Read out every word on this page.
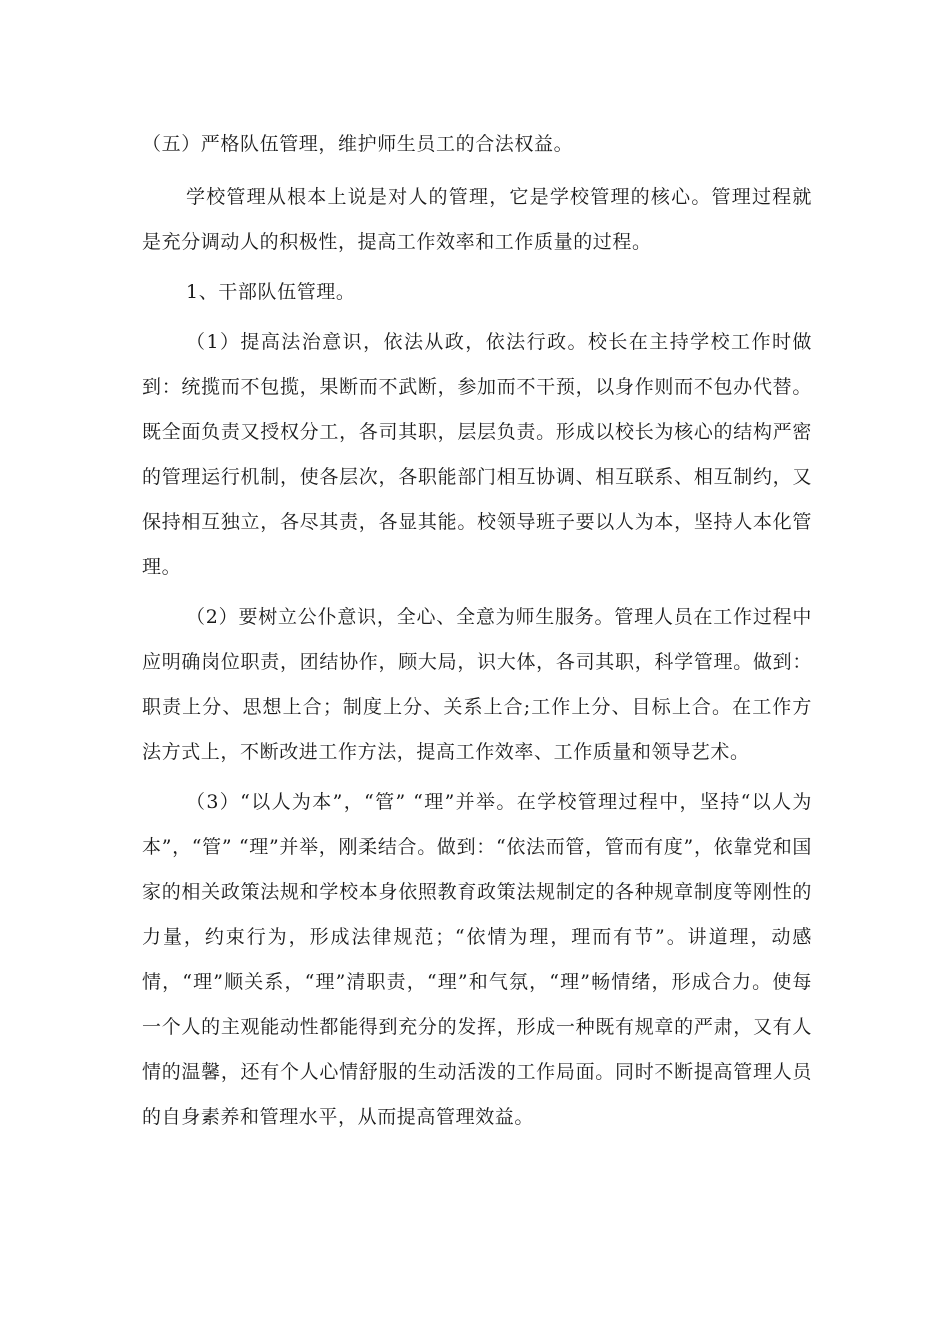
（五）严格队伍管理，维护师生员工的合法权益。

学校管理从根本上说是对人的管理，它是学校管理的核心。管理过程就是充分调动人的积极性，提高工作效率和工作质量的过程。

1、干部队伍管理。

（1）提高法治意识，依法从政，依法行政。校长在主持学校工作时做到：统揽而不包揽，果断而不武断，参加而不干预，以身作则而不包办代替。既全面负责又授权分工，各司其职，层层负责。形成以校长为核心的结构严密的管理运行机制，使各层次，各职能部门相互协调、相互联系、相互制约，又保持相互独立，各尽其责，各显其能。校领导班子要以人为本，坚持人本化管理。

（2）要树立公仆意识，全心、全意为师生服务。管理人员在工作过程中应明确岗位职责，团结协作，顾大局，识大体，各司其职，科学管理。做到：职责上分、思想上合；制度上分、关系上合;工作上分、目标上合。在工作方法方式上，不断改进工作方法，提高工作效率、工作质量和领导艺术。

（3）“以人为本”，“管” “理”并举。在学校管理过程中，坚持“以人为本”，“管” “理”并举，刚柔结合。做到：“依法而管，管而有度”，依靠党和国家的相关政策法规和学校本身依照教育政策法规制定的各种规章制度等刚性的力量，约束行为，形成法律规范；“依情为理，理而有节”。讲道理，动感情，“理”顺关系，“理”清职责，“理”和气氛，“理”畅情绪，形成合力。使每一个人的主观能动性都能得到充分的发挥，形成一种既有规章的严肃，又有人情的温馨，还有个人心情舒服的生动活泼的工作局面。同时不断提高管理人员的自身素养和管理水平，从而提高管理效益。
